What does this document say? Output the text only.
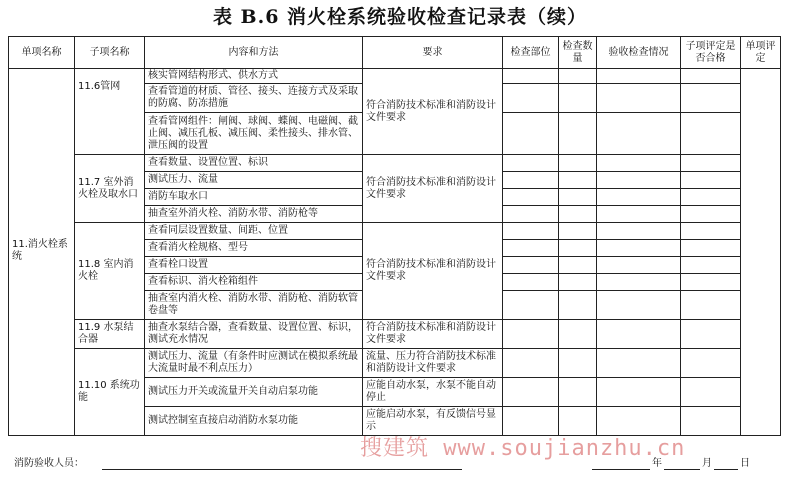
表 B.6 消火栓系统验收检查记录表（续）
单项名称	子项名称	内容和方法	要求	检查部位	检查数量	验收检查情况	子项评定是否合格	单项评定
11.消火栓系统	11.6管网	核实管网结构形式、供水方式	符合消防技术标准和消防设计文件要求					
		查看管道的材质、管径、接头、连接方式及采取的防腐、防冻措施						
		查看管网组件：闸阀、球阀、蝶阀、电磁阀、截止阀、减压孔板、减压阀、柔性接头、排水管、泄压阀的设置						
	11.7 室外消火栓及取水口	查看数量、设置位置、标识	符合消防技术标准和消防设计文件要求					
		测试压力、流量						
		消防车取水口						
		抽查室外消火栓、消防水带、消防枪等						
	11.8 室内消火栓	查看同层设置数量、间距、位置	符合消防技术标准和消防设计文件要求					
		查看消火栓规格、型号						
		查看栓口设置						
		查看标识、消火栓箱组件						
		抽查室内消火栓、消防水带、消防枪、消防软管卷盘等						
	11.9 水泵结合器	抽查水泵结合器，查看数量、设置位置、标识，测试充水情况	符合消防技术标准和消防设计文件要求					
	11.10 系统功能	测试压力、流量（有条件时应测试在模拟系统最大流量时最不利点压力）	流量、压力符合消防技术标准和消防设计文件要求					
		测试压力开关或流量开关自动启泵功能	应能自动水泵，水泵不能自动停止					
		测试控制室直接启动消防水泵功能	应能启动水泵，有反馈信号显示					
搜建筑 www.soujianzhu.cn
消防验收人员：	年	月	日
